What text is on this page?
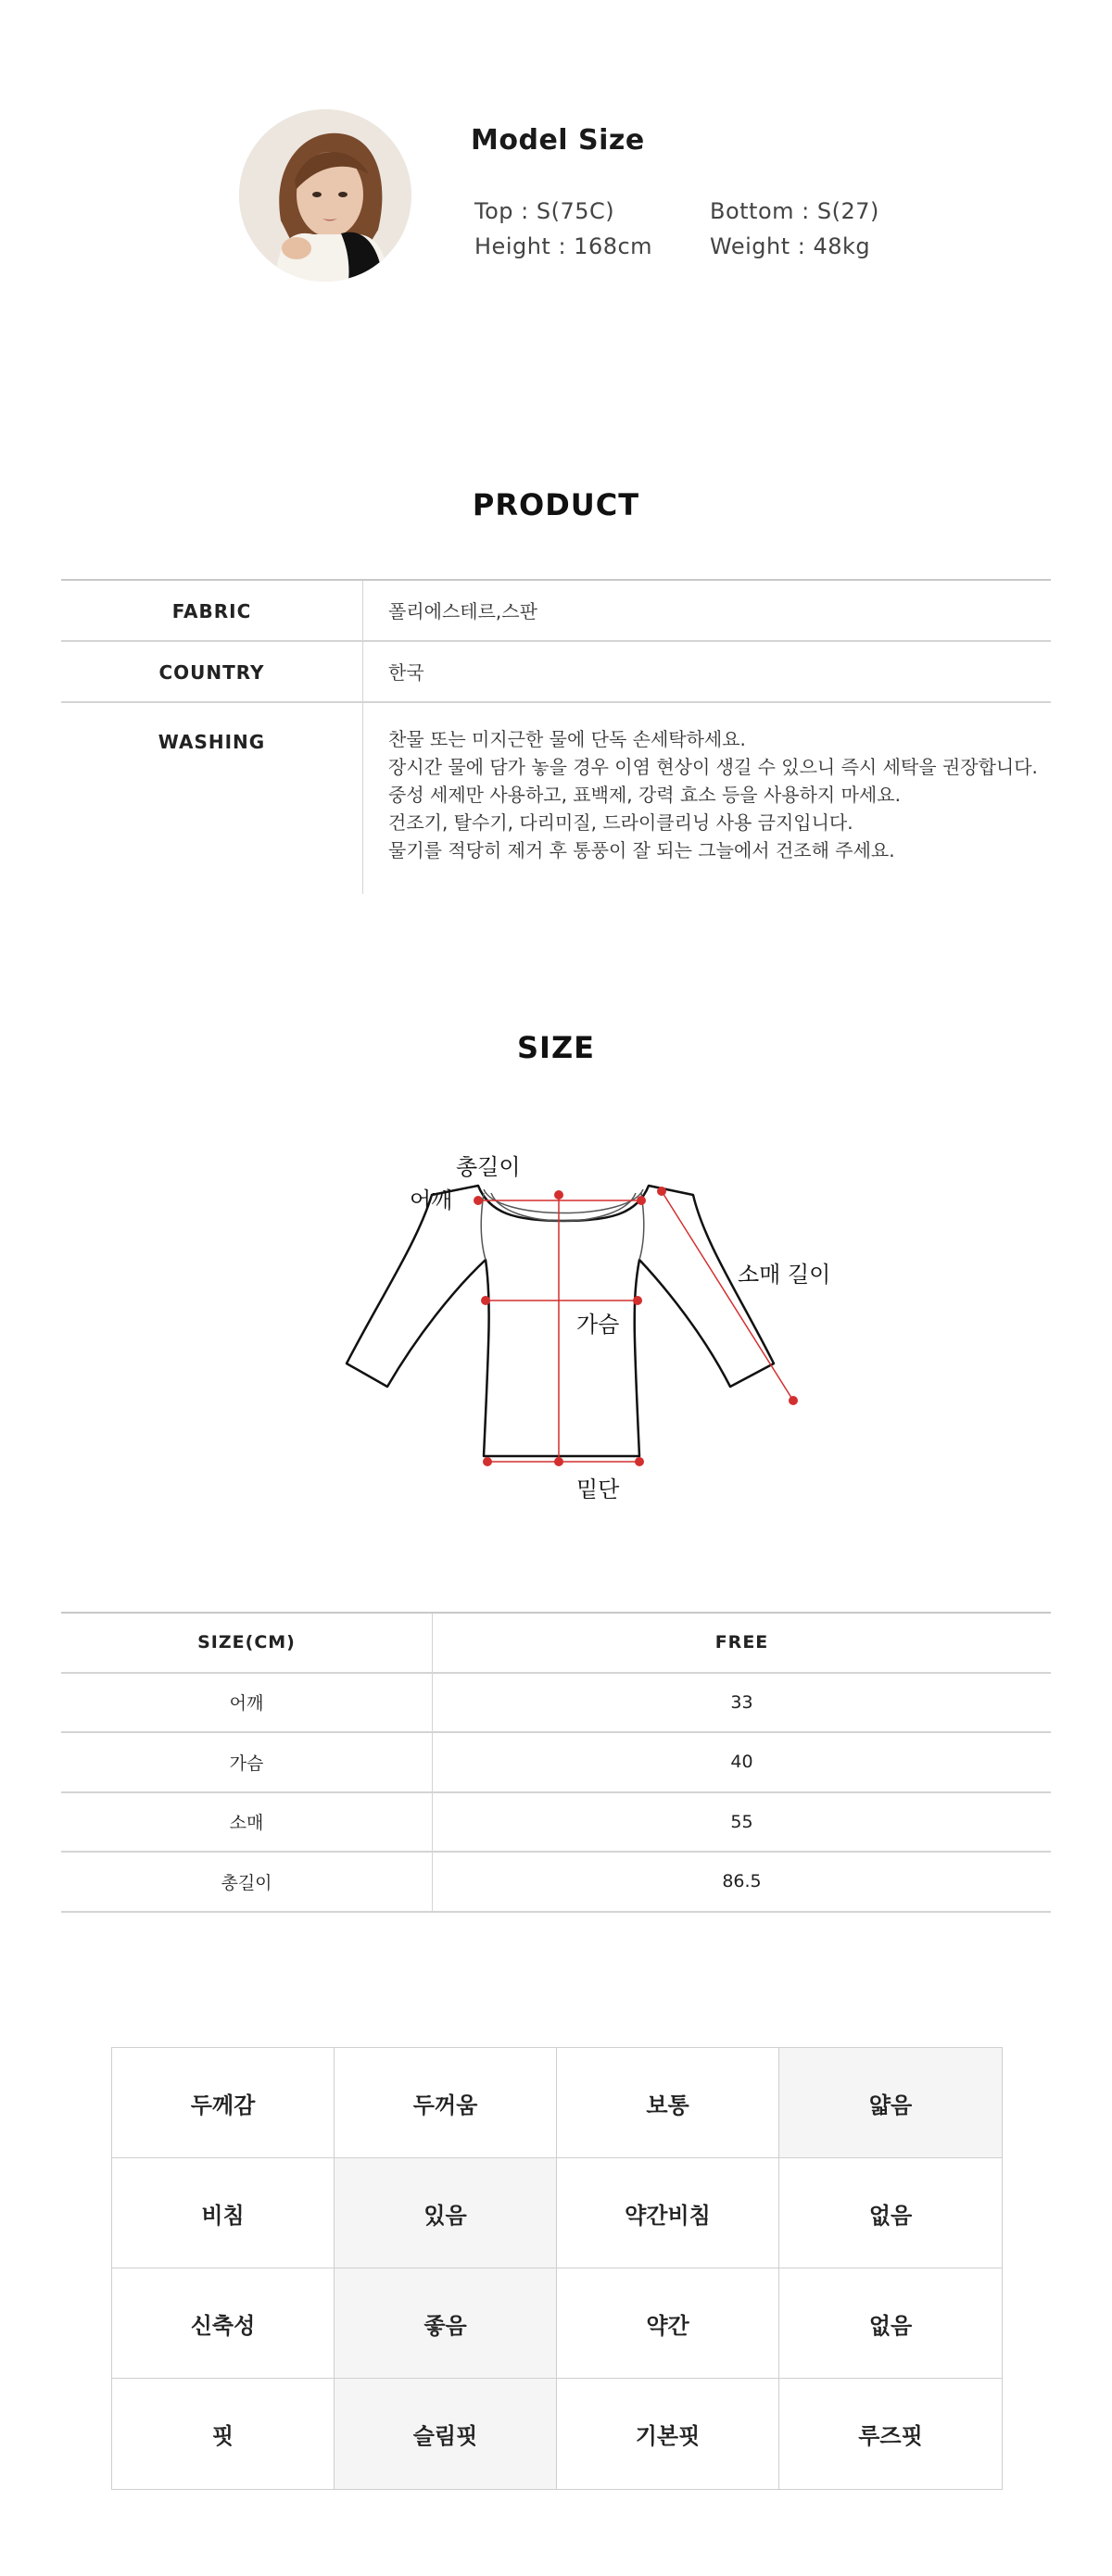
Model Size
Top : S(75C)	Bottom : S(27)
Height : 168cm	Weight : 48kg
PRODUCT
FABRIC	폴리에스테르,스판
COUNTRY	한국
WASHING	찬물 또는 미지근한 물에 단독 손세탁하세요.
장시간 물에 담가 놓을 경우 이염 현상이 생길 수 있으니 즉시 세탁을 권장합니다.
중성 세제만 사용하고, 표백제, 강력 효소 등을 사용하지 마세요.
건조기, 탈수기, 다리미질, 드라이클리닝 사용 금지입니다.
물기를 적당히 제거 후 통풍이 잘 되는 그늘에서 건조해 주세요.
SIZE
총길이
어깨
소매 길이
가슴
밑단
SIZE(CM)	FREE
어깨	33
가슴	40
소매	55
총길이	86.5
두께감	두꺼움	보통	얇음
비침	있음	약간비침	없음
신축성	좋음	약간	없음
핏	슬림핏	기본핏	루즈핏
